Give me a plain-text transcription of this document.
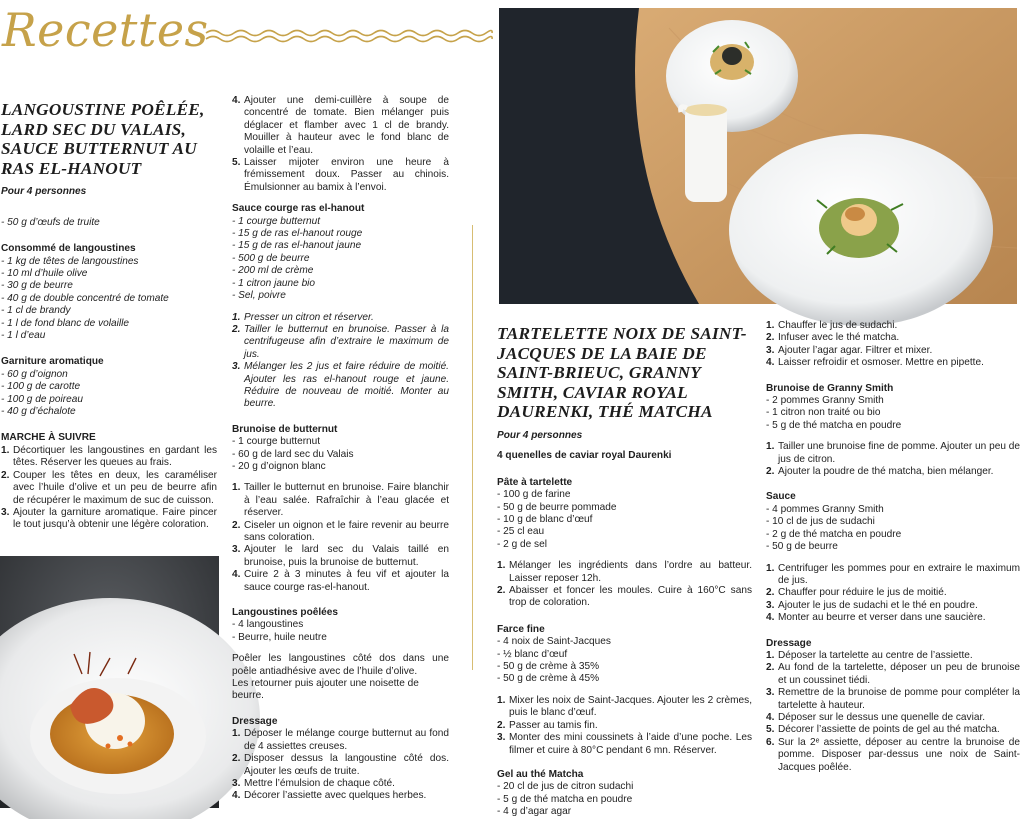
Recettes
LANGOUSTINE POÊLÉE, LARD SEC DU VALAIS, SAUCE BUTTERNUT AU RAS EL-HANOUT

Pour 4 personnes

- 50 g d’œufs de truite

Consommé de langoustines

- 1 kg de têtes de langoustines

- 10 ml d’huile olive

- 30 g de beurre

- 40 g de double concentré de tomate

- 1 cl de brandy

- 1 l de fond blanc de volaille

- 1 l d’eau

Garniture aromatique

- 60 g d’oignon

- 100 g de carotte

- 100 g de poireau

- 40 g d’échalote

MARCHE À SUIVRE

1. Décortiquer les langoustines en gardant les têtes. Réserver les queues au frais.
2. Couper les têtes en deux, les caraméliser avec l’huile d’olive et un peu de beurre afin de récupérer le maximum de suc de cuisson.
3. Ajouter la garniture aromatique. Faire pincer le tout jusqu’à obtenir une légère coloration.
4. Ajouter une demi-cuillère à soupe de concentré de tomate. Bien mélanger puis déglacer et flamber avec 1 cl de brandy. Mouiller à hauteur avec le fond blanc de volaille et l’eau.
5. Laisser mijoter environ une heure à frémissement doux. Passer au chinois. Émulsionner au bamix à l’envoi.

Sauce courge ras el-hanout

- 1 courge butternut

- 15 g de ras el-hanout rouge

- 15 g de ras el-hanout jaune

- 500 g de beurre

- 200 ml de crème

- 1 citron jaune bio

- Sel, poivre

1. Presser un citron et réserver.
2. Tailler le butternut en brunoise. Passer à la centrifugeuse afin d’extraire le maximum de jus.
3. Mélanger les 2 jus et faire réduire de moitié. Ajouter les ras el-hanout rouge et jaune. Réduire de nouveau de moitié. Monter au beurre.

Brunoise de butternut

- 1 courge butternut

- 60 g de lard sec du Valais

- 20 g d’oignon blanc

1. Tailler le butternut en brunoise. Faire blanchir à l’eau salée. Rafraîchir à l’eau glacée et réserver.
2. Ciseler un oignon et le faire revenir au beurre sans coloration.
3. Ajouter le lard sec du Valais taillé en brunoise, puis la brunoise de butternut.
4. Cuire 2 à 3 minutes à feu vif et ajouter la sauce courge ras-el-hanout.

Langoustines poêlées

- 4 langoustines

- Beurre, huile neutre

Poêler les langoustines côté dos dans une poêle antiadhésive avec de l’huile d’olive.

Les retourner puis ajouter une noisette de beurre.

Dressage

1. Déposer le mélange courge butternut au fond de 4 assiettes creuses.
2. Disposer dessus la langoustine côté dos. Ajouter les œufs de truite.
3. Mettre l’émulsion de chaque côté.
4. Décorer l’assiette avec quelques herbes.
TARTELETTE NOIX DE SAINT-JACQUES DE LA BAIE DE SAINT-BRIEUC, GRANNY SMITH, CAVIAR ROYAL DAURENKI, THÉ MATCHA

Pour 4 personnes

4 quenelles de caviar royal Daurenki

Pâte à tartelette

- 100 g de farine

- 50 g de beurre pommade

- 10 g de blanc d’œuf

- 25 cl eau

- 2 g de sel

1. Mélanger les ingrédients dans l’ordre au batteur. Laisser reposer 12h.
2. Abaisser et foncer les moules. Cuire à 160°C sans trop de coloration.

Farce fine

- 4 noix de Saint-Jacques

- ½ blanc d’œuf

- 50 g de crème à 35%

- 50 g de crème à 45%

1. Mixer les noix de Saint-Jacques. Ajouter les 2 crèmes, puis le blanc d’œuf.
2. Passer au tamis fin.
3. Monter des mini coussinets à l’aide d’une poche. Les filmer et cuire à 80°C pendant 6 mn. Réserver.

Gel au thé Matcha

- 20 cl de jus de citron sudachi

- 5 g de thé matcha en poudre

- 4 g d’agar agar

1. Chauffer le jus de sudachi.
2. Infuser avec le thé matcha.
3. Ajouter l’agar agar. Filtrer et mixer.
4. Laisser refroidir et osmoser. Mettre en pipette.

Brunoise de Granny Smith

- 2 pommes Granny Smith

- 1 citron non traité ou bio

- 5 g de thé matcha en poudre

1. Tailler une brunoise fine de pomme. Ajouter un peu de jus de citron.
2. Ajouter la poudre de thé matcha, bien mélanger.

Sauce

- 4 pommes Granny Smith

- 10 cl de jus de sudachi

- 2 g de thé matcha en poudre

- 50 g de beurre

1. Centrifuger les pommes pour en extraire le maximum de jus.
2. Chauffer pour réduire le jus de moitié.
3. Ajouter le jus de sudachi et le thé en poudre.
4. Monter au beurre et verser dans une saucière.

Dressage

1. Déposer la tartelette au centre de l’assiette.
2. Au fond de la tartelette, déposer un peu de brunoise et un coussinet tiédi.
3. Remettre de la brunoise de pomme pour compléter la tartelette à hauteur.
4. Déposer sur le dessus une quenelle de caviar.
5. Décorer l’assiette de points de gel au thé matcha.
6. Sur la 2ᵉ assiette, déposer au centre la brunoise de pomme. Disposer par-dessus une noix de Saint-Jacques poêlée.
